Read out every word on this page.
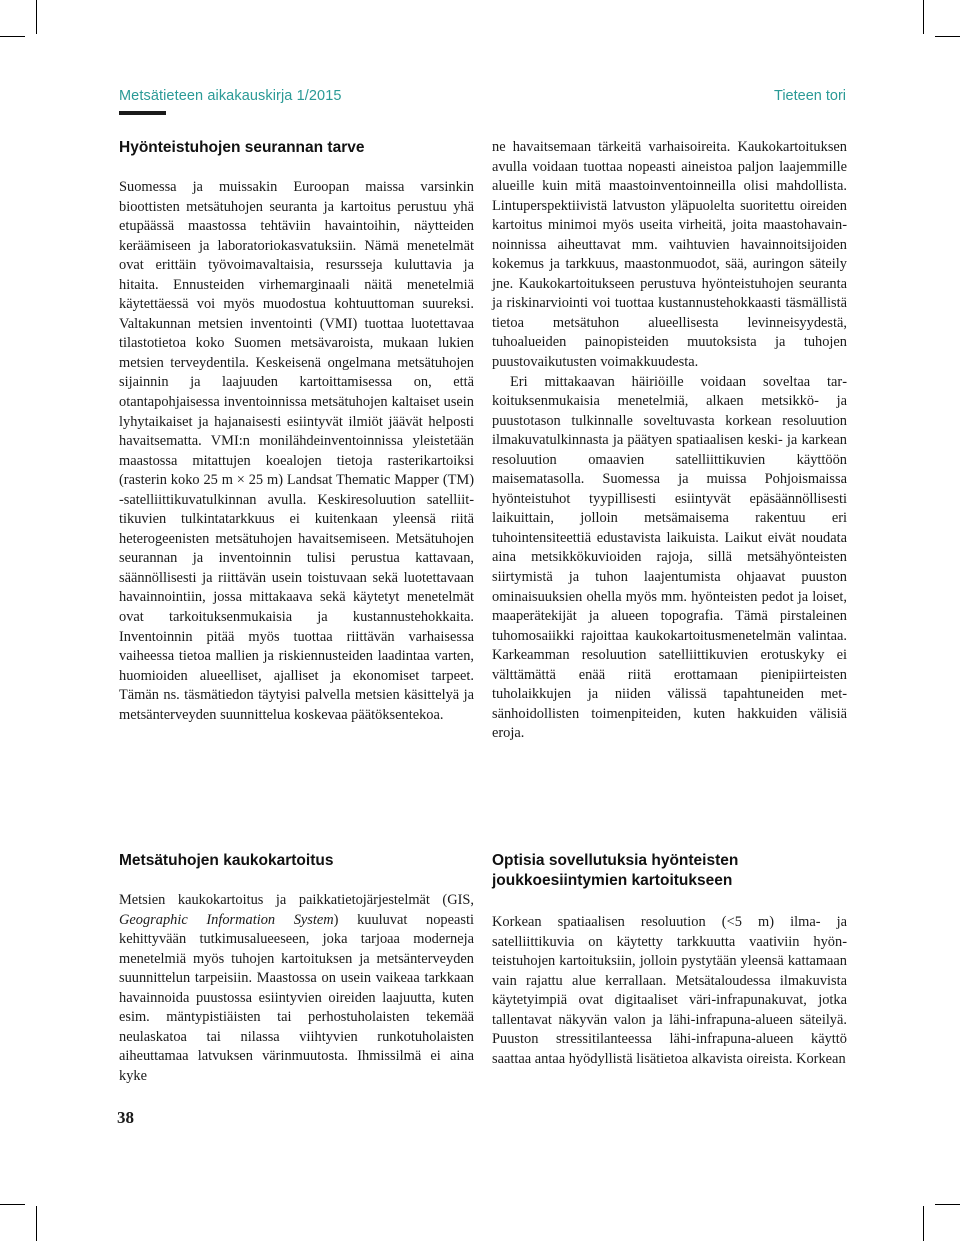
Metsätieteen aikakauskirja 1/2015	Tieteen tori
Hyönteistuhojen seurannan tarve

Suomessa ja muissakin Euroopan maissa varsinkin bioottisten metsätuhojen seuranta ja kartoitus perustuu yhä etupäässä maastossa tehtäviin havaintoihin, näytteiden keräämiseen ja laboratoriokasvatuksiin. Nämä menetelmät ovat erittäin työvoimavaltaisia, resursseja kuluttavia ja hitaita. Ennusteiden virhemarginaali näitä menetelmiä käytettäessä voi myös muodostua kohtuuttoman suureksi. Valtakunnan metsien inventointi (VMI) tuottaa luotettavaa tilastotietoa koko Suomen metsävaroista, mukaan lukien metsien terveydentila. Keskeisenä ongelmana metsätuhojen sijainnin ja laajuuden kartoittamisessa on, että otantapohjaisessa inventoinnissa metsätuhojen kaltaiset usein lyhytaikaiset ja hajanaisesti esiintyvät ilmiöt jäävät helposti havaitsematta. VMI:n monilähdeinventoinnissa yleistetään maastossa mitattujen koealojen tietoja rasterikartoiksi (rasterin koko 25 m × 25 m) Landsat Thematic Mapper (TM) -satelliittikuvatulkinnan avulla. Keskiresoluution satelliittikuvien tulkintatarkkuus ei kuitenkaan yleensä riitä heterogeenisten metsätuhojen havaitsemiseen. Metsätuhojen seurannan ja inventoinnin tulisi perustua kattavaan, säännöllisesti ja riittävän usein toistuvaan sekä luotettavaan havainnointiin, jossa mittakaava sekä käytetyt menetelmät ovat tarkoituksenmukaisia ja kustannustehokkaita. Inventoinnin pitää myös tuottaa riittävän varhaisessa vaiheessa tietoa mallien ja riskiennusteiden laadintaa varten, huomioiden alueelliset, ajalliset ja ekonomiset tarpeet. Tämän ns. täsmätiedon täytyisi palvella metsien käsittelyä ja metsänterveyden suunnittelua koskevaa päätöksentekoa.

ne havaitsemaan tärkeitä varhaisoireita. Kaukokartoituksen avulla voidaan tuottaa nopeasti aineistoa paljon laajemmille alueille kuin mitä maastoinventoinneilla olisi mahdollista. Lintuperspektiivistä latvuston yläpuolelta suoritettu oireiden kartoitus minimoi myös useita virheitä, joita maastohavainnoinnissa aiheuttavat mm. vaihtuvien havainnoitsijoiden kokemus ja tarkkuus, maastonmuodot, sää, auringon säteily jne. Kaukokartoitukseen perustuva hyönteistuhojen seuranta ja riskinarviointi voi tuottaa kustannustehokkaasti täsmällistä tietoa metsätuhon alueellisesta levinneisyydestä, tuhoalueiden painopisteiden muutoksista ja tuhojen puustovaikutusten voimakkuudesta.

Eri mittakaavan häiriöille voidaan soveltaa tarkoituksenmukaisia menetelmiä, alkaen metsikkö- ja puustotason tulkinnalle soveltuvasta korkean resoluution ilmakuvatulkinnasta ja päätyen spatiaalisen keski- ja karkean resoluution omaavien satelliittikuvien käyttöön maisematasolla. Suomessa ja muissa Pohjoismaissa hyönteistuhot tyypillisesti esiintyvät epäsäännöllisesti laikuittain, jolloin metsämaisema rakentuu eri tuhointensiteettiä edustavista laikuista. Laikut eivät noudata aina metsikkökuvioiden rajoja, sillä metsähyönteisten siirtymistä ja tuhon laajentumista ohjaavat puuston ominaisuuksien ohella myös mm. hyönteisten pedot ja loiset, maaperätekijät ja alueen topografia. Tämä pirstaleinen tuhomosaiikki rajoittaa kaukokartoitusmenetelmän valintaa. Karkeamman resoluution satelliittikuvien erotuskyky ei välttämättä enää riitä erottamaan pienipiirteisten tuholaikkujen ja niiden välissä tapahtuneiden metsänhoidollisten toimenpiteiden, kuten hakkuiden välisiä eroja.

Metsätuhojen kaukokartoitus

Metsien kaukokartoitus ja paikkatietojärjestelmät (GIS, Geographic Information System) kuuluvat nopeasti kehittyvään tutkimusalueeseen, joka tarjoaa moderneja menetelmiä myös tuhojen kartoituksen ja metsänterveyden suunnittelun tarpeisiin. Maastossa on usein vaikeaa tarkkaan havainnoida puustossa esiintyvien oireiden laajuutta, kuten esim. mäntypistiäisten tai perhostuholaisten tekemää neulaskatoa tai nilassa viihtyvien runkotuholaisten aiheuttamaa latvuksen värinmuutosta. Ihmissilmä ei aina kyke

Optisia sovellutuksia hyönteisten joukkoesiintymien kartoitukseen

Korkean spatiaalisen resoluution (<5 m) ilma- ja satelliittikuvia on käytetty tarkkuutta vaativiin hyönteistuhojen kartoituksiin, jolloin pystytään yleensä kattamaan vain rajattu alue kerrallaan. Metsätaloudessa ilmakuvista käytetyimpiä ovat digitaaliset väri-infrapunakuvat, jotka tallentavat näkyvän valon ja lähi-infrapuna-alueen säteilyä. Puuston stressitilanteessa lähi-infrapuna-alueen käyttö saattaa antaa hyödyllistä lisätietoa alkavista oireista. Korkean

38
